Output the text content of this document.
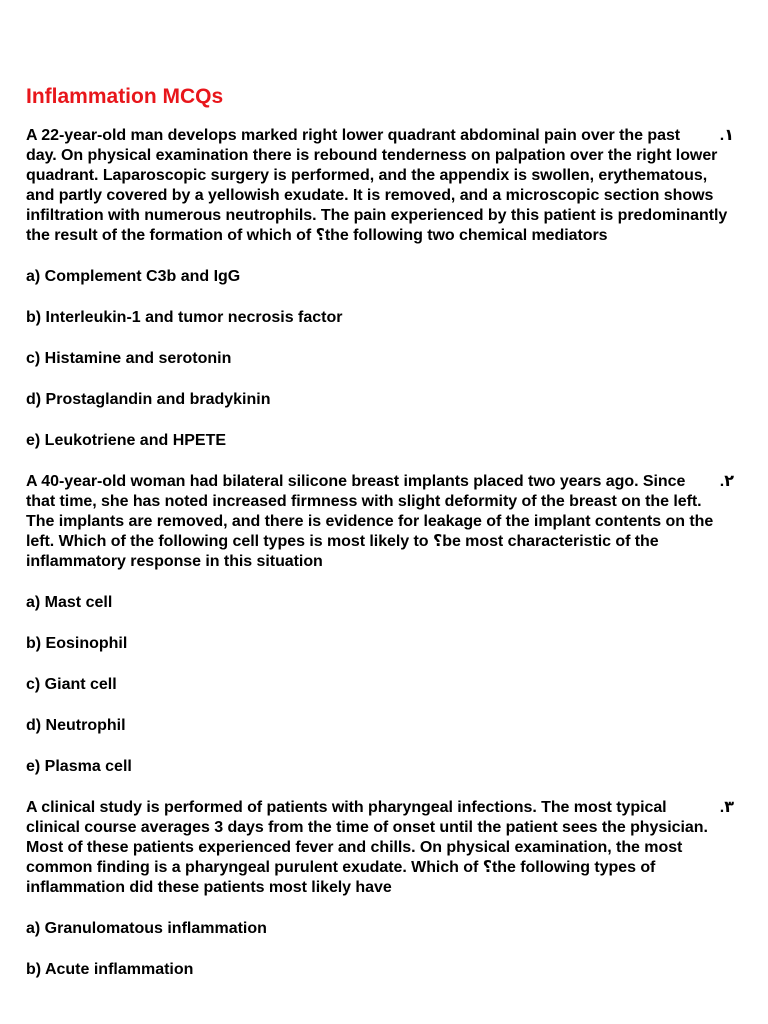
Inflammation MCQs

.١
A 22-year-old man develops marked right lower quadrant abdominal pain over the past day. On physical examination there is rebound tenderness on palpation over the right lower quadrant. Laparoscopic surgery is performed, and the appendix is swollen, erythematous, and partly covered by a yellowish exudate. It is removed, and a microscopic section shows infiltration with numerous neutrophils. The pain experienced by this patient is predominantly the result of the formation of which of ؟the following two chemical mediators

a) Complement C3b and IgG
b) Interleukin-1 and tumor necrosis factor
c) Histamine and serotonin
d) Prostaglandin and bradykinin
e) Leukotriene and HPETE

.٢
A 40-year-old woman had bilateral silicone breast implants placed two years ago. Since that time, she has noted increased firmness with slight deformity of the breast on the left. The implants are removed, and there is evidence for leakage of the implant contents on the left. Which of the following cell types is most likely to ؟be most characteristic of the inflammatory response in this situation

a) Mast cell
b) Eosinophil
c) Giant cell
d) Neutrophil
e) Plasma cell

.٣
A clinical study is performed of patients with pharyngeal infections. The most typical clinical course averages 3 days from the time of onset until the patient sees the physician. Most of these patients experienced fever and chills. On physical examination, the most common finding is a pharyngeal purulent exudate. Which of ؟the following types of inflammation did these patients most likely have

a) Granulomatous inflammation
b) Acute inflammation
